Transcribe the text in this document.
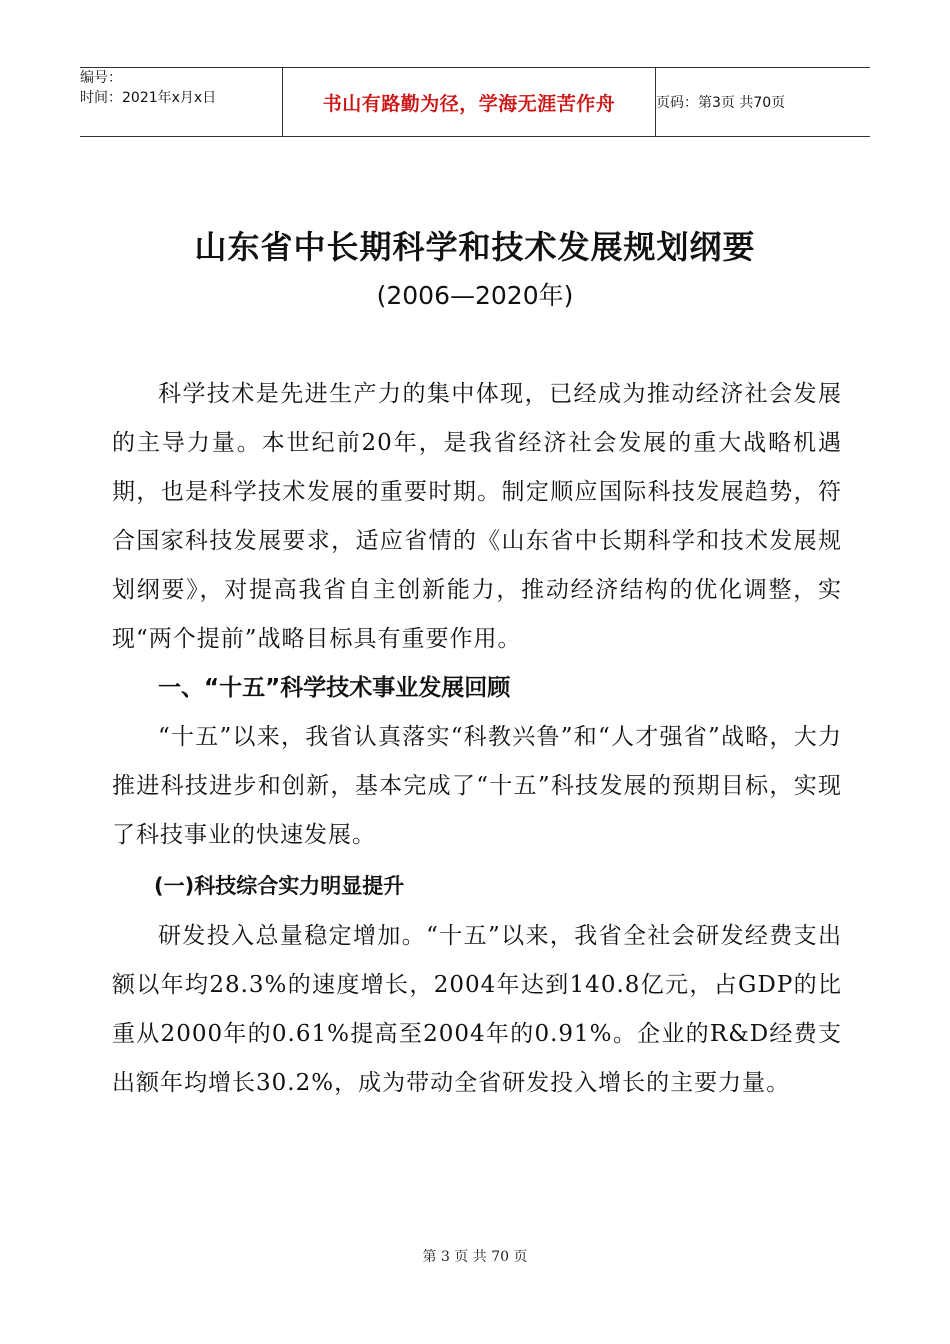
编号：
时间：2021年x月x日	书山有路勤为径，学海无涯苦作舟	页码：第3页 共70页
山东省中长期科学和技术发展规划纲要
(2006—2020年)

科学技术是先进生产力的集中体现，已经成为推动经济社会发展的主导力量。本世纪前20年，是我省经济社会发展的重大战略机遇期，也是科学技术发展的重要时期。制定顺应国际科技发展趋势，符合国家科技发展要求，适应省情的《山东省中长期科学和技术发展规划纲要》，对提高我省自主创新能力，推动经济结构的优化调整，实现“两个提前”战略目标具有重要作用。

一、“十五”科学技术事业发展回顾

“十五”以来，我省认真落实“科教兴鲁”和“人才强省”战略，大力推进科技进步和创新，基本完成了“十五”科技发展的预期目标，实现了科技事业的快速发展。

(一)科技综合实力明显提升

研发投入总量稳定增加。“十五”以来，我省全社会研发经费支出额以年均28.3%的速度增长，2004年达到140.8亿元，占GDP的比重从2000年的0.61%提高至2004年的0.91%。企业的R&D经费支出额年均增长30.2%，成为带动全省研发投入增长的主要力量。

第 3 页 共 70 页
